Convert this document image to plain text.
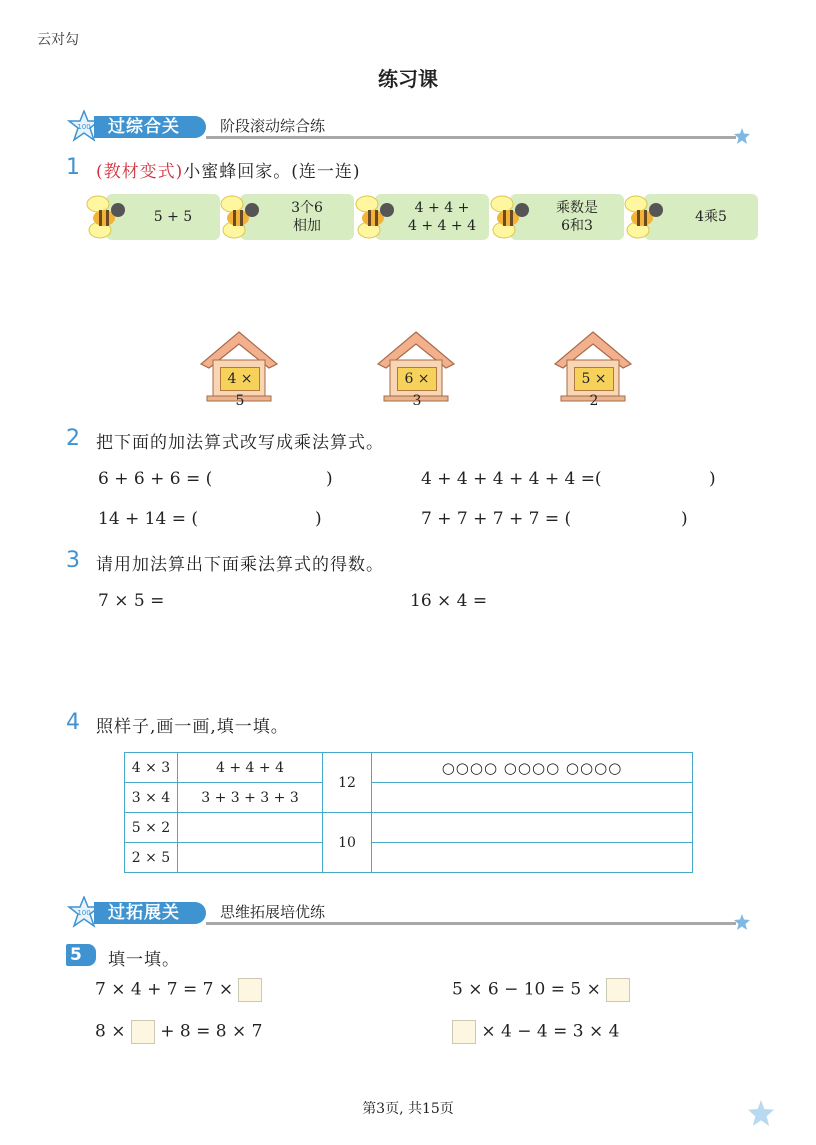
云对勾
练习课
100	过综合关	阶段滚动综合练
1 (教材变式)小蜜蜂回家。(连一连)
5 + 5
3个6
相加
4 + 4 +
4 + 4 + 4
乘数是
6和3
4乘5
4 × 5
6 × 3
5 × 2
2 把下面的加法算式改写成乘法算式。
6 + 6 + 6 = (	)	4 + 4 + 4 + 4 + 4 =(	)
14 + 14 = (	)	7 + 7 + 7 + 7 = (	)
3 请用加法算出下面乘法算式的得数。
7 × 5 =	16 × 4 =
4 照样子,画一画,填一填。
4 × 3	4 + 4 + 4	12	○○○○ ○○○○ ○○○○
3 × 4	3 + 3 + 3 + 3		
5 × 2		10	
2 × 5			
100	过拓展关	思维拓展培优练
5	填一填。
7 × 4 + 7 = 7 ×	5 × 6 − 10 = 5 ×
8 × + 8 = 8 × 7	× 4 − 4 = 3 × 4
第3页, 共15页
